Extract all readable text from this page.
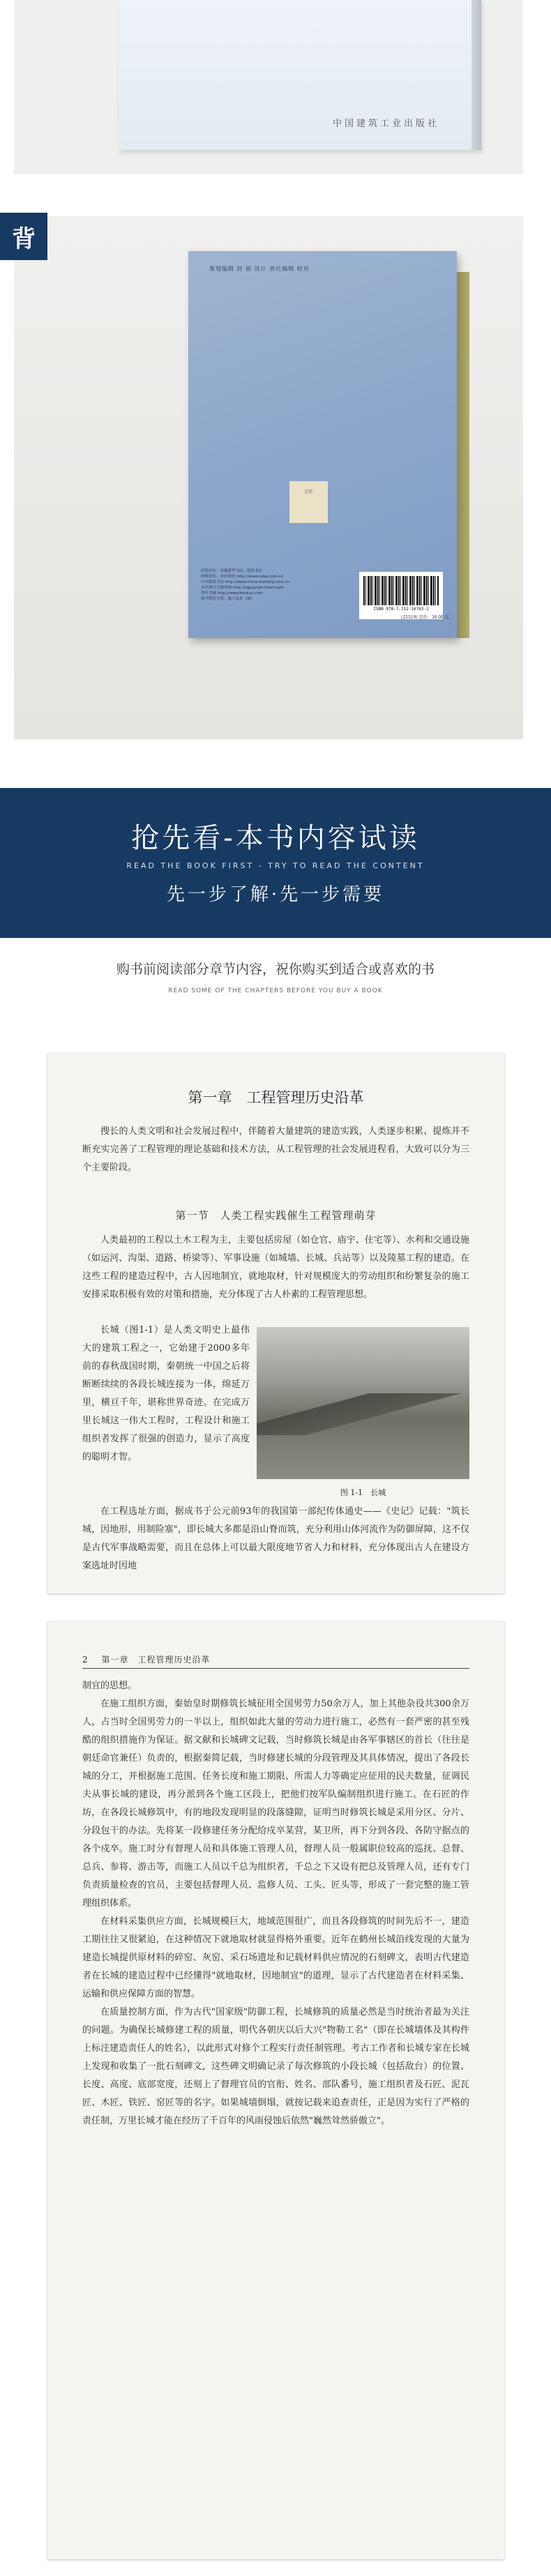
中国建筑工业出版社
背
策划编辑 封 面 设计 责任编辑 校对
定价
经销单位：各地新华书店、建筑书店
网络销售：本社网址 http://www.cabp.com.cn
中国建筑书店 http://www.china-building.com.cn
本社淘宝天猫商城 http://zgjzgycbs.tmall.com
博库书城 http://www.bookuu.com
图书销售分类：施工技术（I8）
ISBN 978-7-112-16763-1
(25519) 定价：38.00 元
抢先看-本书内容试读
READ THE BOOK FIRST - TRY TO READ THE CONTENT
先一步了解·先一步需要
购书前阅读部分章节内容，祝你购买到适合或喜欢的书
READ SOME OF THE CHAPTERS BEFORE YOU BUY A BOOK
第一章　工程管理历史沿革

搜长的人类文明和社会发展过程中，伴随着大量建筑的建造实践，人类逐步积累、提炼并不断充实完善了工程管理的理论基础和技术方法，从工程管理的社会发展进程看，大致可以分为三个主要阶段。

第一节　人类工程实践催生工程管理萌芽

人类最初的工程以土木工程为主，主要包括房屋（如仓官、庙宇、住宅等）、水利和交通设施（如运河、沟渠、道路、桥梁等）、军事设施（如城墙、长城、兵站等）以及陵墓工程的建造。在这些工程的建造过程中，古人因地制宜，就地取材，针对规模庞大的劳动组织和纷繁复杂的施工安排采取积极有效的对策和措施，充分体现了古人朴素的工程管理思想。

长城（图1-1）是人类文明史上最伟大的建筑工程之一，它始建于2000多年前的春秋战国时期，秦朝统一中国之后将断断续续的各段长城连接为一体，绵延万里，横亘千年，堪称世界奇迹。在完成万里长城这一伟大工程时，工程设计和施工组织者发挥了很强的创造力，显示了高度的聪明才智。

图 1-1　长城

在工程选址方面，据成书于公元前93年的我国第一部纪传体通史——《史记》记载："筑长城，因地形，用制险塞"，即长城大多都是沿山脊而筑，充分利用山体河流作为防御屏障，这不仅是古代军事战略需要，而且在总体上可以最大限度地节省人力和材料，充分体现出古人在建设方案选址时因地

2 第一章　工程管理历史沿革

制宜的思想。

在施工组织方面，秦始皇时期修筑长城征用全国男劳力50余万人，加上其他杂役共300余万人，占当时全国男劳力的一半以上，组织如此大量的劳动力进行施工，必然有一套严密的甚至残酷的组织措施作为保证。据文献和长城碑文记载，当时修筑长城是由各军事辖区的首长（往往是朝廷命官兼任）负责的，根据秦简记载，当时修建长城的分段管理及其具体情况，提出了各段长城的分工，并根据施工范围、任务长度和施工期限、所需人力等确定应征用的民夫数量，征调民夫从事长城的建设，再分派到各个施工区段上，把他们按军队编制组织进行施工。在石匠的作坊，在各段长城修筑中，有的地段发现明显的段落缝隙，证明当时修筑长城是采用分区、分片、分段包干的办法。先将某一段修建任务分配给戍卒某营，某卫所，再下分到各段、各防守据点的各个戍卒。施工时分有督理人员和具体施工管理人员，督理人员一般属职位较高的巡抚、总督、总兵、参将、游击等，而施工人员以千总为组织者，千总之下又设有把总及管理人员，还有专门负责质量检查的官员，主要包括督理人员、监修人员、工头、匠头等，形成了一套完整的施工管理组织体系。

在材料采集供应方面，长城规模巨大，地域范围很广，而且各段修筑的时间先后不一，建造工期往往又很紧迫，在这种情况下就地取材就显得格外重要。近年在鹤州长城沿线发现的大量为建造长城提供原材料的碎窑、灰窑、采石场遗址和记载材料供应情况的石刻碑文，表明古代建造者在长城的建造过程中已经懂得"就地取材，因地制宜"的道理，显示了古代建造者在材料采集、运输和供应保障方面的智慧。

在质量控制方面，作为古代"国家级"防御工程，长城修筑的质量必然是当时统治者最为关注的问题。为确保长城修建工程的质量，明代各朝庆以后大兴"物勒工名"（即在长城墙体及其构件上标注建造责任人的姓名），以此形式对修个工程实行责任制管理。考古工作者和长城专家在长城上发现和收集了一批石刻碑文，这些碑文明确记录了每次修筑的小段长城（包括敌台）的位置、长度、高度、底部宽度，还刻上了督理官员的官衔、姓名、部队番号，施工组织者及石匠、泥瓦匠、木匠、铁匠、窑匠等的名字。如果城墙倒塌，就按记载来追查责任，正是因为实行了严格的责任制，万里长城才能在经历了千百年的风雨侵蚀后依然"巍然耸然骄傲立"。
